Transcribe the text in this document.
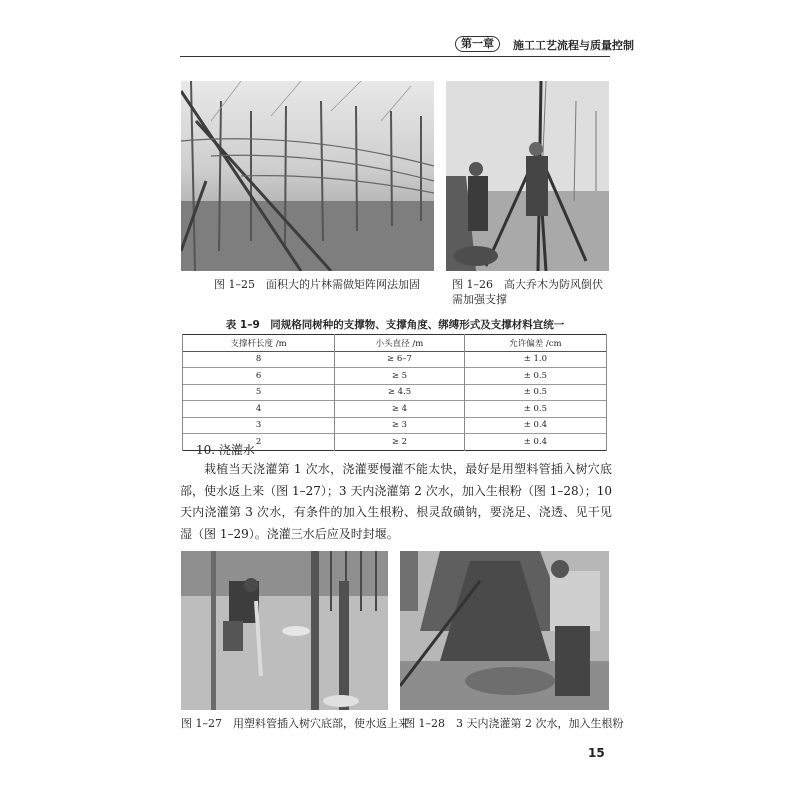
第一章	施工工艺流程与质量控制
图 1–25　面积大的片林需做矩阵网法加固	图 1–26　高大乔木为防风倒伏需加强支撑
表 1–9　同规格同树种的支撑物、支撑角度、绑缚形式及支撑材料宜统一
支撑杆长度 /m	小头直径 /m	允许偏差 /cm
8	≥ 6–7	± 1.0
6	≥ 5	± 0.5
5	≥ 4.5	± 0.5
4	≥ 4	± 0.5
3	≥ 3	± 0.4
2	≥ 2	± 0.4
10. 浇灌水
栽植当天浇灌第 1 次水，浇灌要慢灌不能太快，最好是用塑料管插入树穴底部，使水返上来（图 1–27）；3 天内浇灌第 2 次水，加入生根粉（图 1–28）；10 天内浇灌第 3 次水，有条件的加入生根粉、根灵敌磺钠，要浇足、浇透、见干见湿（图 1–29）。浇灌三水后应及时封堰。
图 1–27　用塑料管插入树穴底部，使水返上来
图 1–28　3 天内浇灌第 2 次水，加入生根粉
15
